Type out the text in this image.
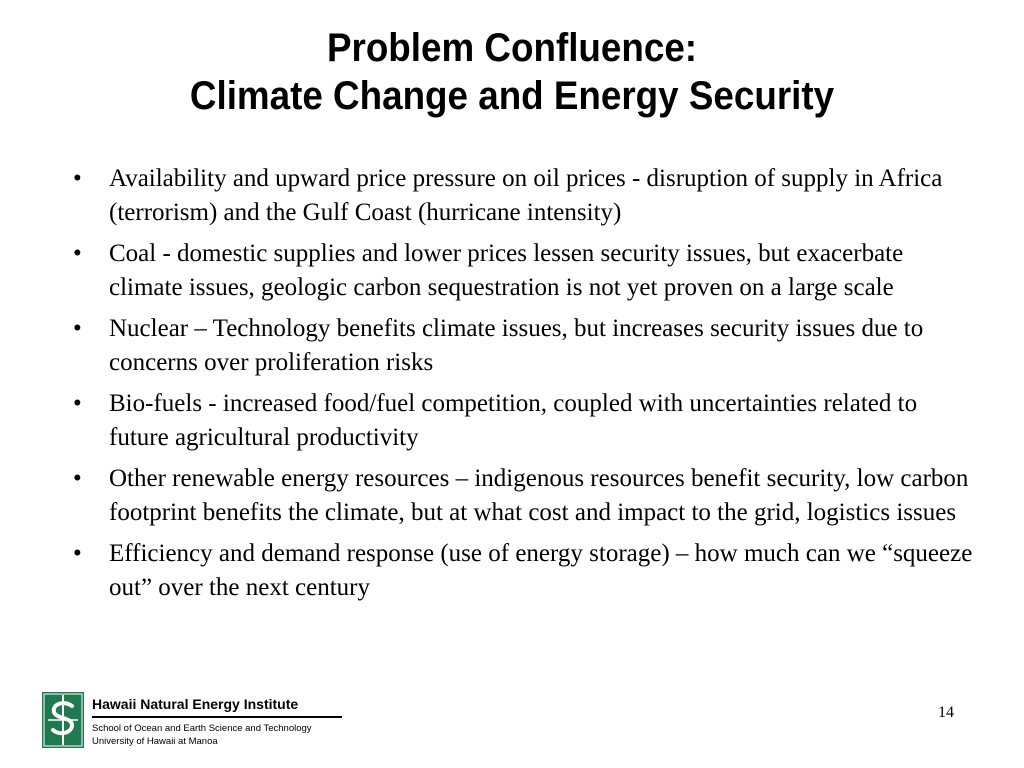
Problem Confluence:
Climate Change and Energy Security
• Availability and upward price pressure on oil prices - disruption of supply in Africa (terrorism) and the Gulf Coast (hurricane intensity)
• Coal - domestic supplies and lower prices lessen security issues, but exacerbate climate issues, geologic carbon sequestration is not yet proven on a large scale
• Nuclear – Technology benefits climate issues, but increases security issues due to concerns over proliferation risks
• Bio-fuels - increased food/fuel competition, coupled with uncertainties related to future agricultural productivity
• Other renewable energy resources – indigenous resources benefit security, low carbon footprint benefits the climate, but at what cost and impact to the grid, logistics issues
• Efficiency and demand response (use of energy storage) – how much can we “squeeze out” over the next century
Hawaii Natural Energy Institute
School of Ocean and Earth Science and Technology
University of Hawaii at Manoa
14
